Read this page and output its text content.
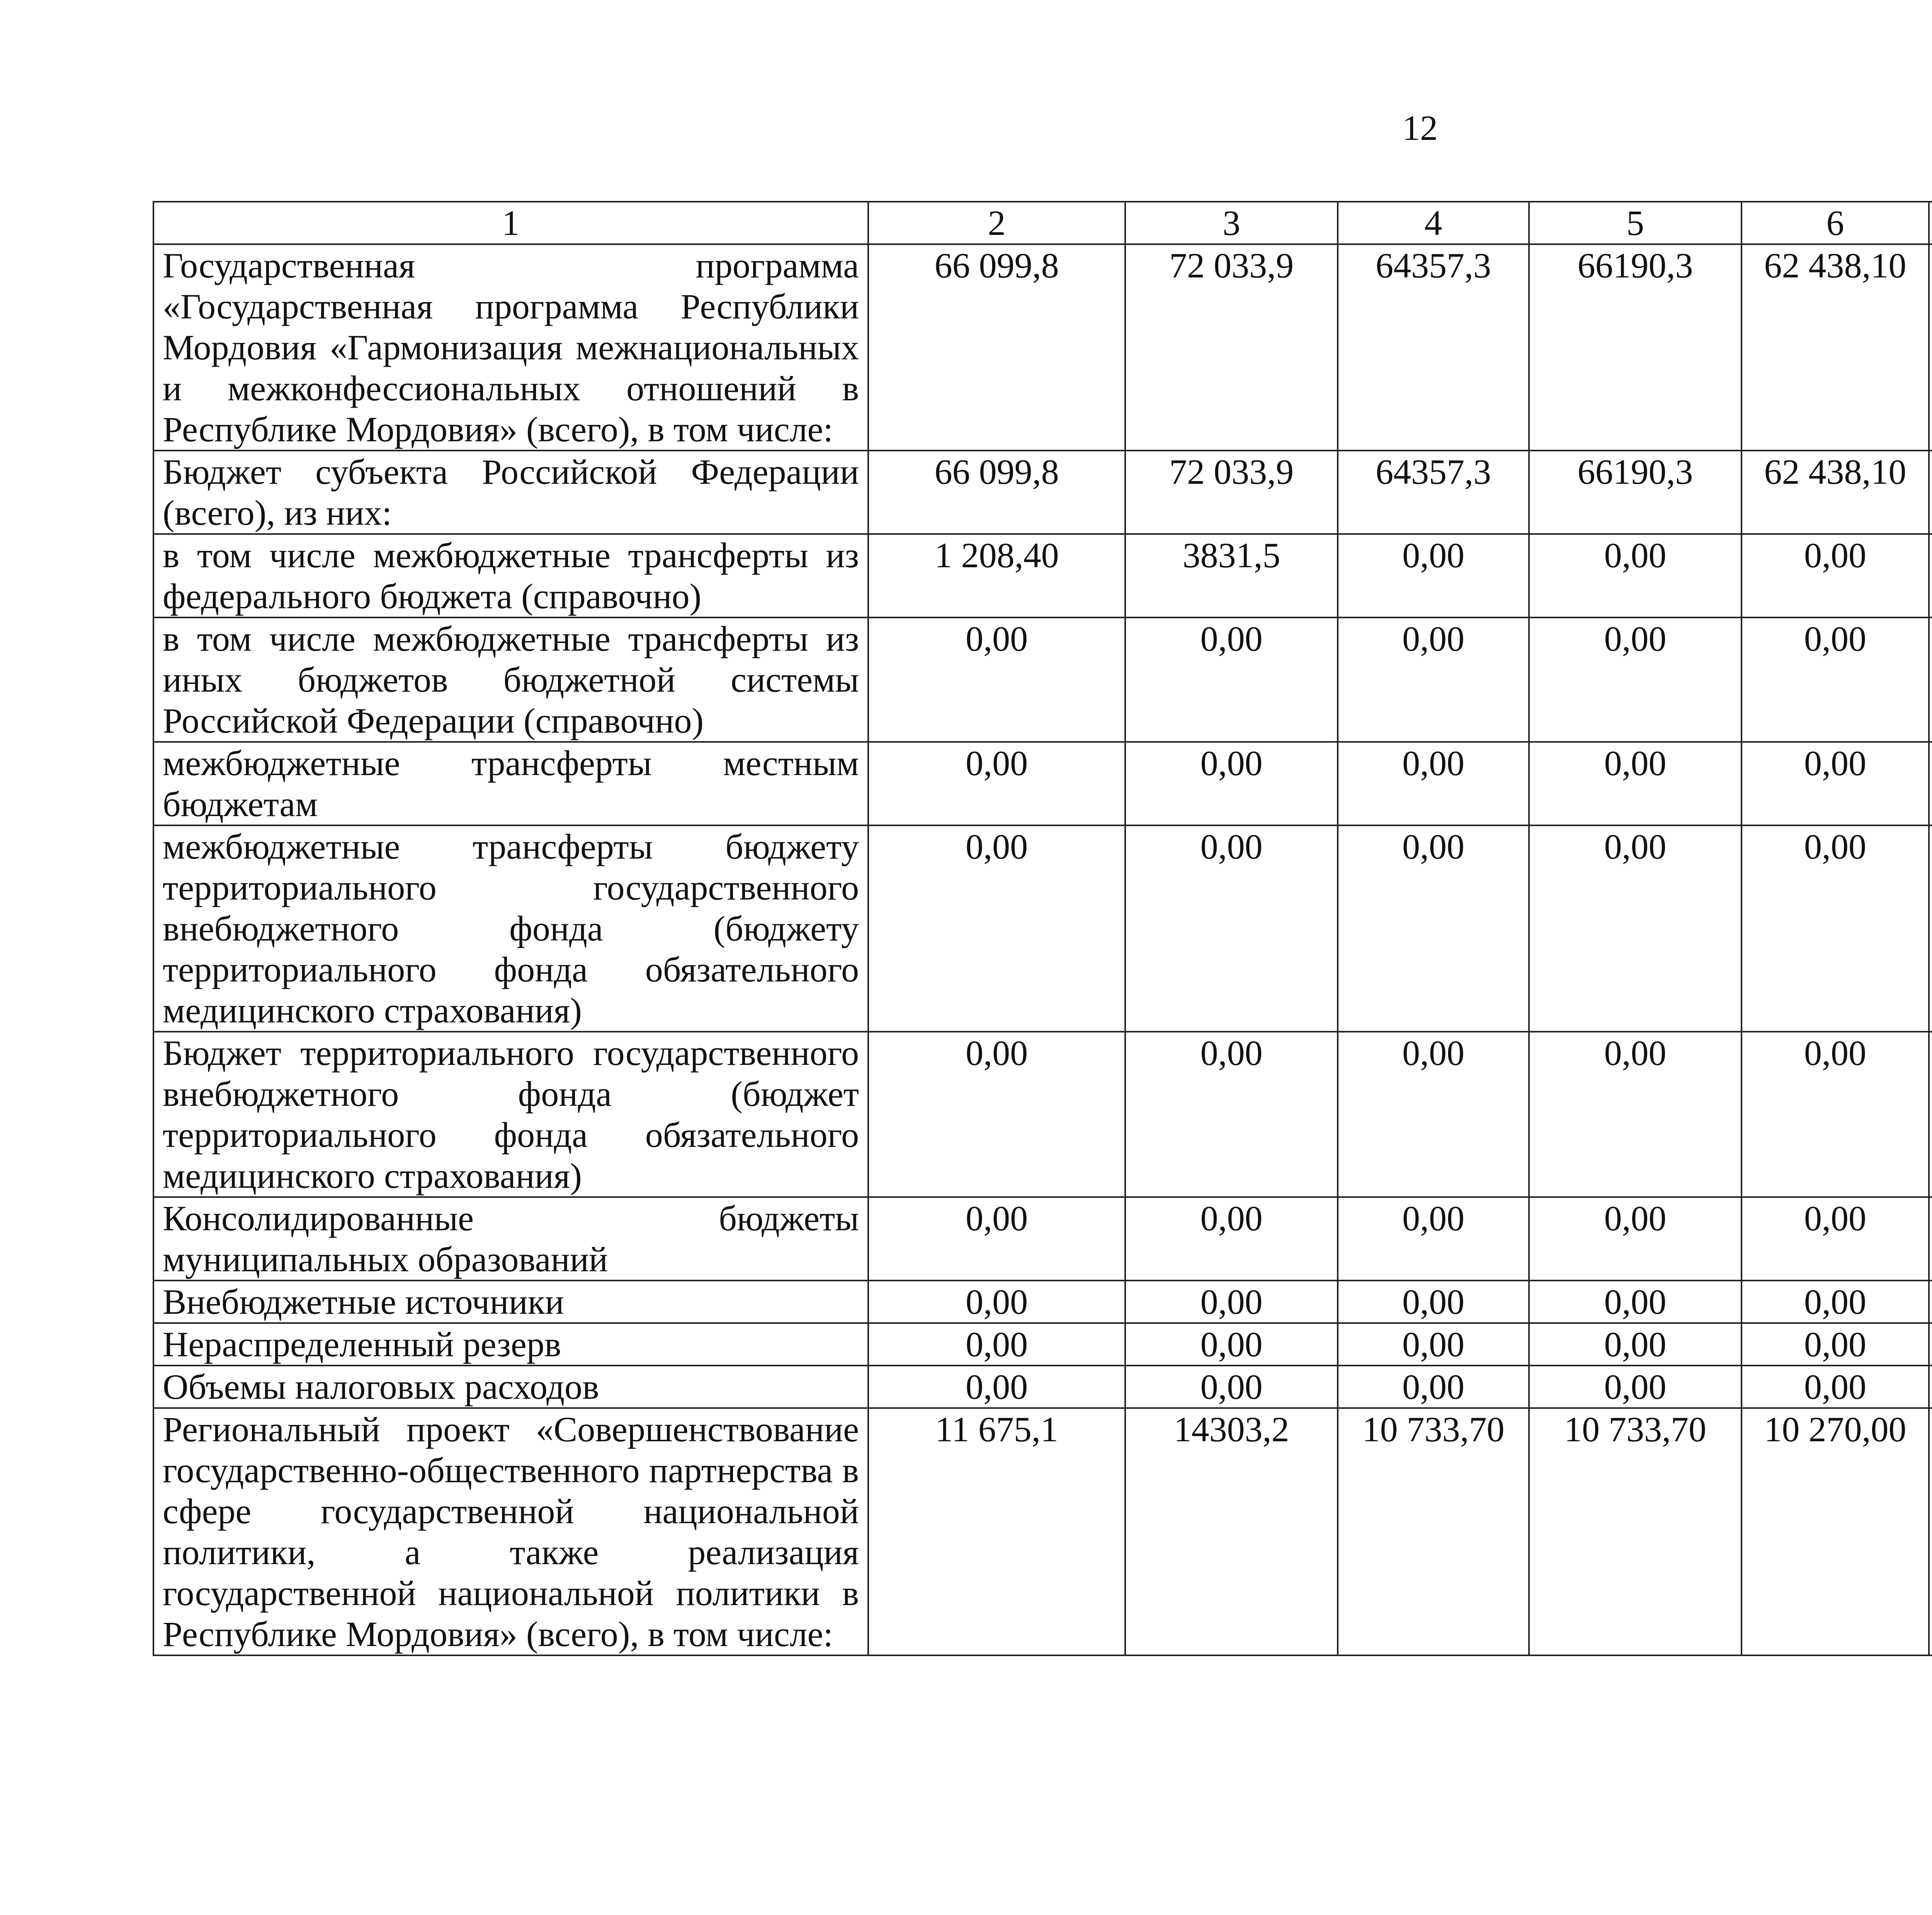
12
1	2	3	4	5	6			
Государственная программа «Государственная программа Республики Мордовия «Гармонизация межнациональных и межконфессиональных отношений в Республике Мордовия» (всего), в том числе:	66 099,8	72 033,9	64357,3	66190,3	62 438,10			
Бюджет субъекта Российской Федерации (всего), из них:	66 099,8	72 033,9	64357,3	66190,3	62 438,10			
в том числе межбюджетные трансферты из федерального бюджета (справочно)	1 208,40	3831,5	0,00	0,00	0,00			
в том числе межбюджетные трансферты из иных бюджетов бюджетной системы Российской Федерации (справочно)	0,00	0,00	0,00	0,00	0,00			
межбюджетные трансферты местным бюджетам	0,00	0,00	0,00	0,00	0,00			
межбюджетные трансферты бюджету территориального государственного внебюджетного фонда (бюджету территориального фонда обязательного медицинского страхования)	0,00	0,00	0,00	0,00	0,00			
Бюджет территориального государственного внебюджетного фонда (бюджет территориального фонда обязательного медицинского страхования)	0,00	0,00	0,00	0,00	0,00			
Консолидированные бюджеты муниципальных образований	0,00	0,00	0,00	0,00	0,00			
Внебюджетные источники	0,00	0,00	0,00	0,00	0,00			
Нераспределенный резерв	0,00	0,00	0,00	0,00	0,00			
Объемы налоговых расходов	0,00	0,00	0,00	0,00	0,00			
Региональный проект «Совершенствование государственно-общественного партнерства в сфере государственной национальной политики, а также реализация государственной национальной политики в Республике Мордовия» (всего), в том числе:	11 675,1	14303,2	10 733,70	10 733,70	10 270,00			
